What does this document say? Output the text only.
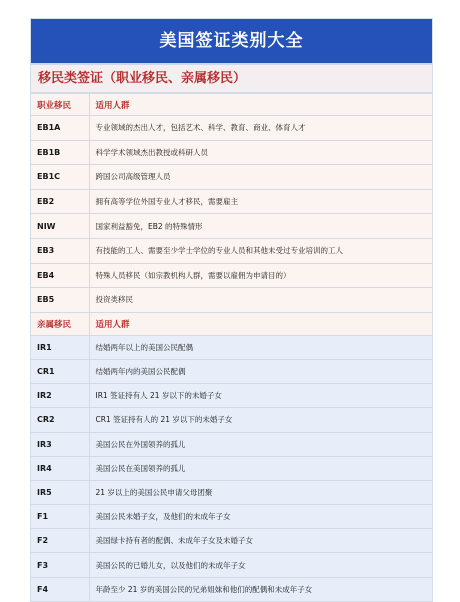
美国签证类别大全
移民类签证（职业移民、亲属移民）
职业移民	适用人群
EB1A	专业领域的杰出人才，包括艺术、科学、教育、商业、体育人才
EB1B	科学学术领域杰出教授或科研人员
EB1C	跨国公司高级管理人员
EB2	拥有高等学位外国专业人才移民，需要雇主
NIW	国家利益豁免，EB2 的特殊情形
EB3	有技能的工人、需要至少学士学位的专业人员和其他未受过专业培训的工人
EB4	特殊人员移民（如宗教机构人群，需要以雇佣为申请目的）
EB5	投资类移民
亲属移民	适用人群
IR1	结婚两年以上的美国公民配偶
CR1	结婚两年内的美国公民配偶
IR2	IR1 签证持有人 21 岁以下的未婚子女
CR2	CR1 签证持有人的 21 岁以下的未婚子女
IR3	美国公民在外国领养的孤儿
IR4	美国公民在美国领养的孤儿
IR5	21 岁以上的美国公民申请父母团聚
F1	美国公民未婚子女，及他们的未成年子女
F2	美国绿卡持有者的配偶、未成年子女及未婚子女
F3	美国公民的已婚儿女，以及他们的未成年子女
F4	年龄至少 21 岁的美国公民的兄弟姐妹和他们的配偶和未成年子女
